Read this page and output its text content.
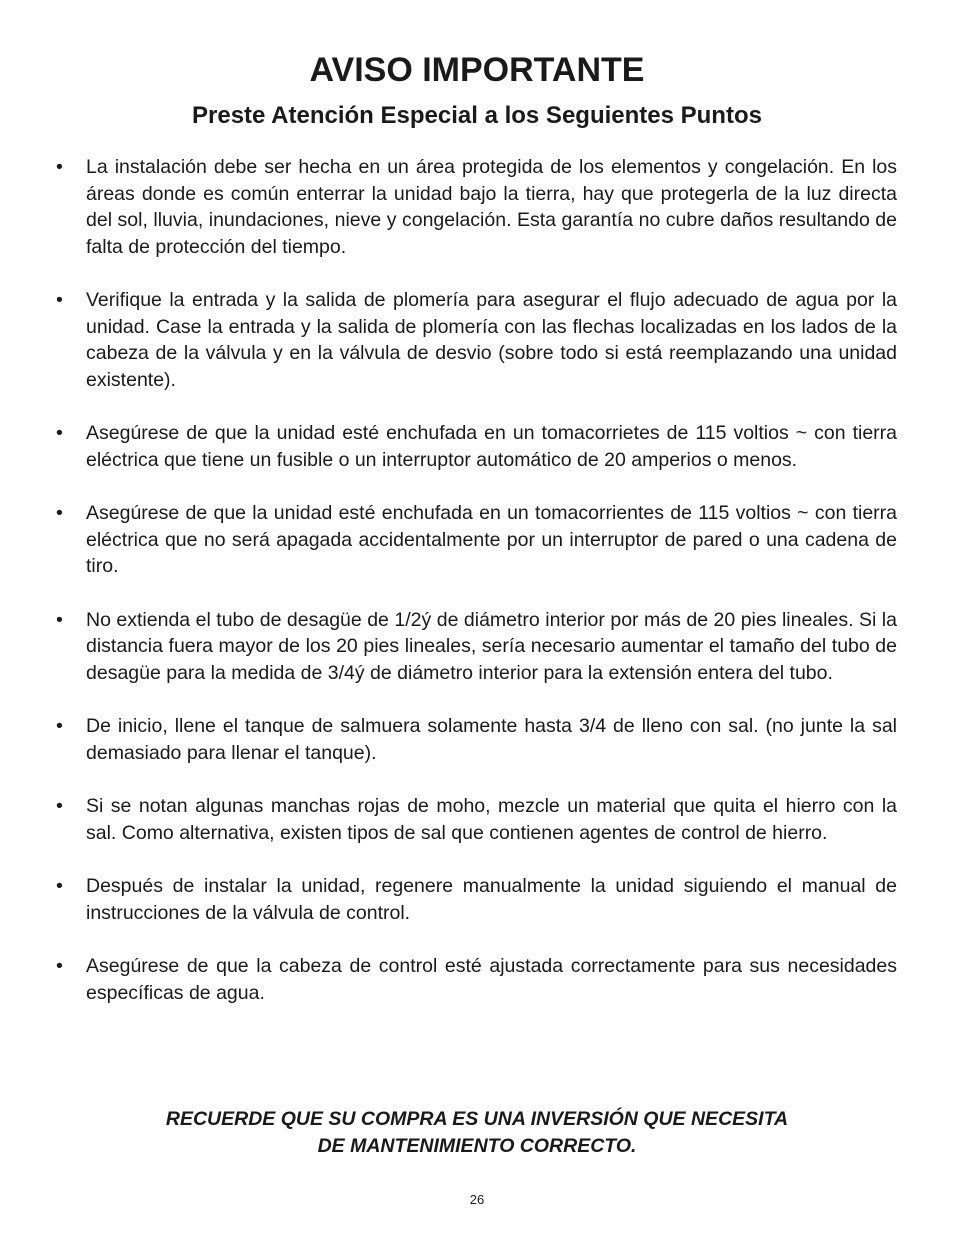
AVISO IMPORTANTE
Preste Atención Especial a los Seguientes Puntos
•	La instalación debe ser hecha en un área protegida de los elementos y congelación. En los áreas donde es común enterrar la unidad bajo la tierra, hay que protegerla de la luz directa del sol, lluvia, inundaciones, nieve y congelación. Esta garantía no cubre daños resultando de falta de protección del tiempo.
•	Verifique la entrada y la salida de plomería para asegurar el flujo adecuado de agua por la unidad. Case la entrada y la salida de plomería con las flechas localizadas en los lados de la cabeza de la válvula y en la válvula de desvio (sobre todo si está reemplazando una unidad existente).
•	Asegúrese de que la unidad esté enchufada en un tomacorrietes de 115 voltios ~ con tierra eléctrica que tiene un fusible o un interruptor automático de 20 amperios o menos.
•	Asegúrese de que la unidad esté enchufada en un tomacorrientes de 115 voltios ~ con tierra eléctrica que no será apagada accidentalmente por un interruptor de pared o una cadena de tiro.
•	No extienda el tubo de desagüe de 1/2ý de diámetro interior por más de 20 pies lineales. Si la distancia fuera mayor de los 20 pies lineales, sería necesario aumentar el tamaño del tubo de desagüe para la medida de 3/4ý de diámetro interior para la extensión entera del tubo.
•	De inicio, llene el tanque de salmuera solamente hasta 3/4 de lleno con sal. (no junte la sal demasiado para llenar el tanque).
•	Si se notan algunas manchas rojas de moho, mezcle un material que quita el hierro con la sal. Como alternativa, existen tipos de sal que contienen agentes de control de hierro.
•	Después de instalar la unidad, regenere manualmente la unidad siguiendo el manual de instrucciones de la válvula de control.
•	Asegúrese de que la cabeza de control esté ajustada correctamente para sus necesidades específicas de agua.
RECUERDE QUE SU COMPRA ES UNA INVERSIÓN QUE NECESITA
DE MANTENIMIENTO CORRECTO.
26
